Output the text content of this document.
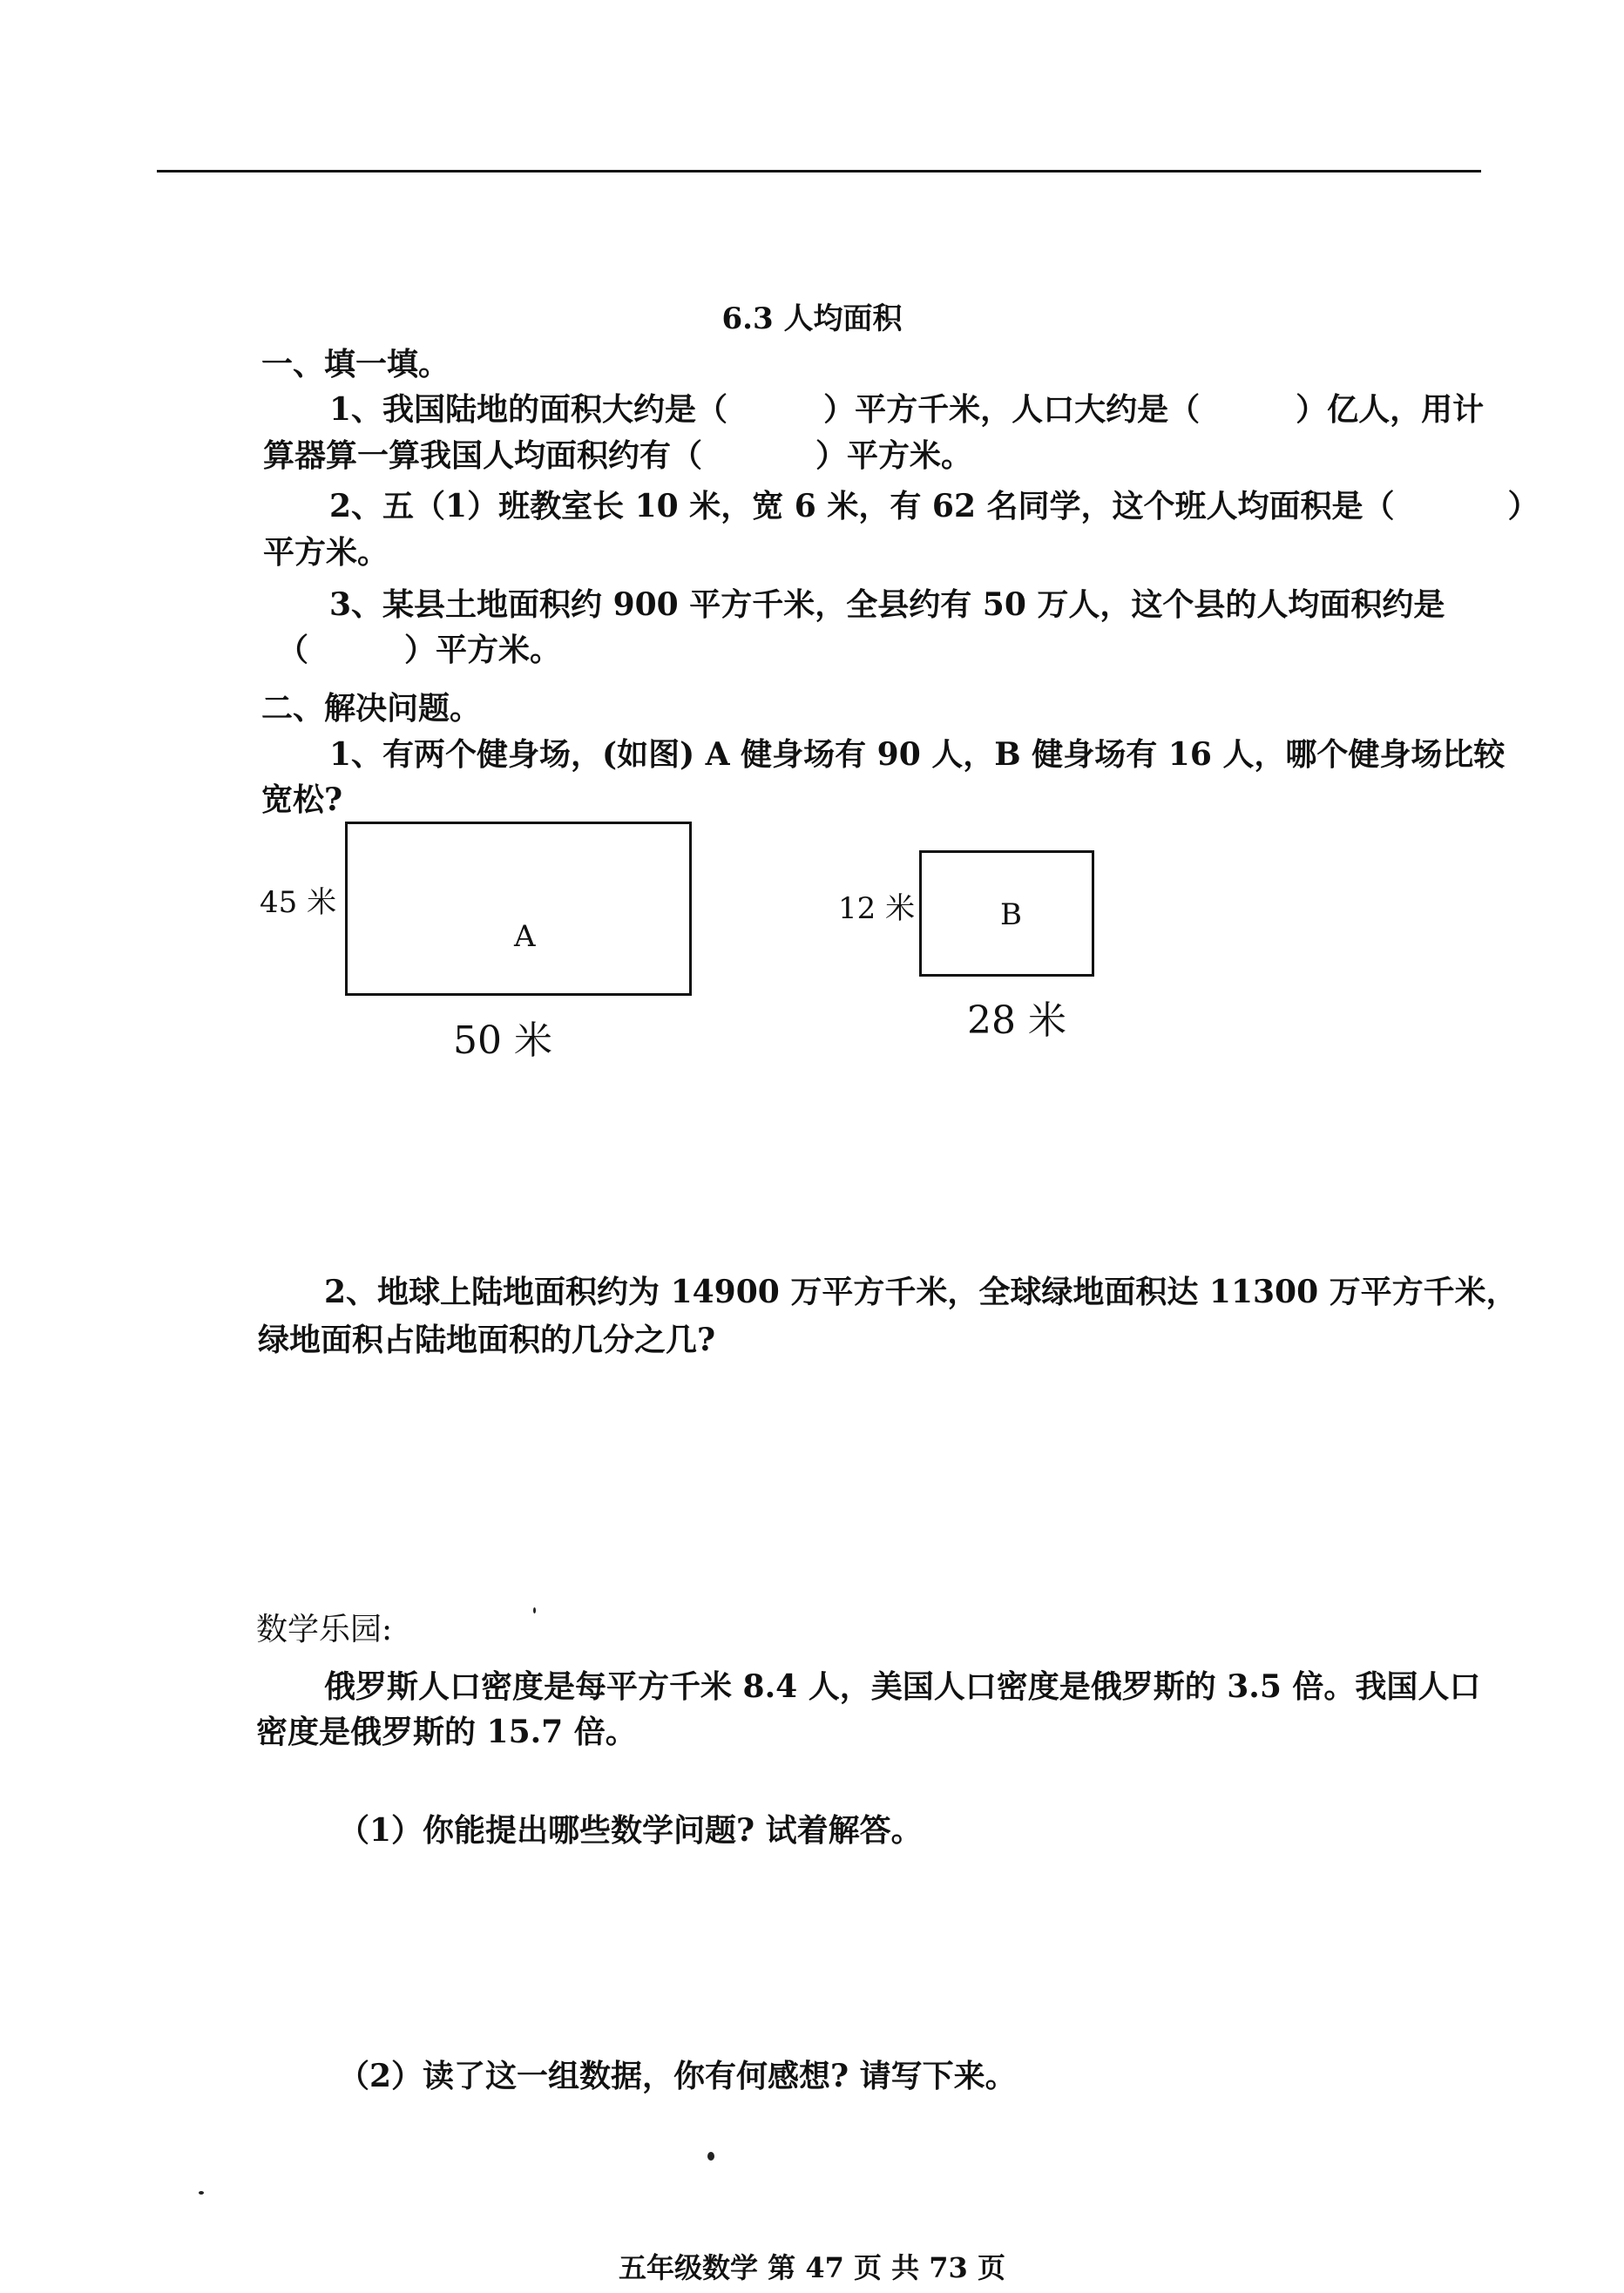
6.3 人均面积
一、填一填。
1、我国陆地的面积大约是（	）平方千米，人口大约是（	）亿人，用计
算器算一算我国人均面积约有（	）平方米。
2、五（1）班教室长 10 米，宽 6 米，有 62 名同学，这个班人均面积是（	）
平方米。
3、某县土地面积约 900 平方千米，全县约有 50 万人，这个县的人均面积约是
（	）平方米。
二、解决问题。
1、有两个健身场，(如图) A 健身场有 90 人，B 健身场有 16 人，哪个健身场比较
宽松?
45 米
A
50 米
12 米	B
28 米
2、地球上陆地面积约为 14900 万平方千米，全球绿地面积达 11300 万平方千米，
绿地面积占陆地面积的几分之几?
数学乐园:
俄罗斯人口密度是每平方千米 8.4 人，美国人口密度是俄罗斯的 3.5 倍。我国人口
密度是俄罗斯的 15.7 倍。
（1）你能提出哪些数学问题? 试着解答。
（2）读了这一组数据，你有何感想? 请写下来。
五年级数学 第 47 页 共 73 页
